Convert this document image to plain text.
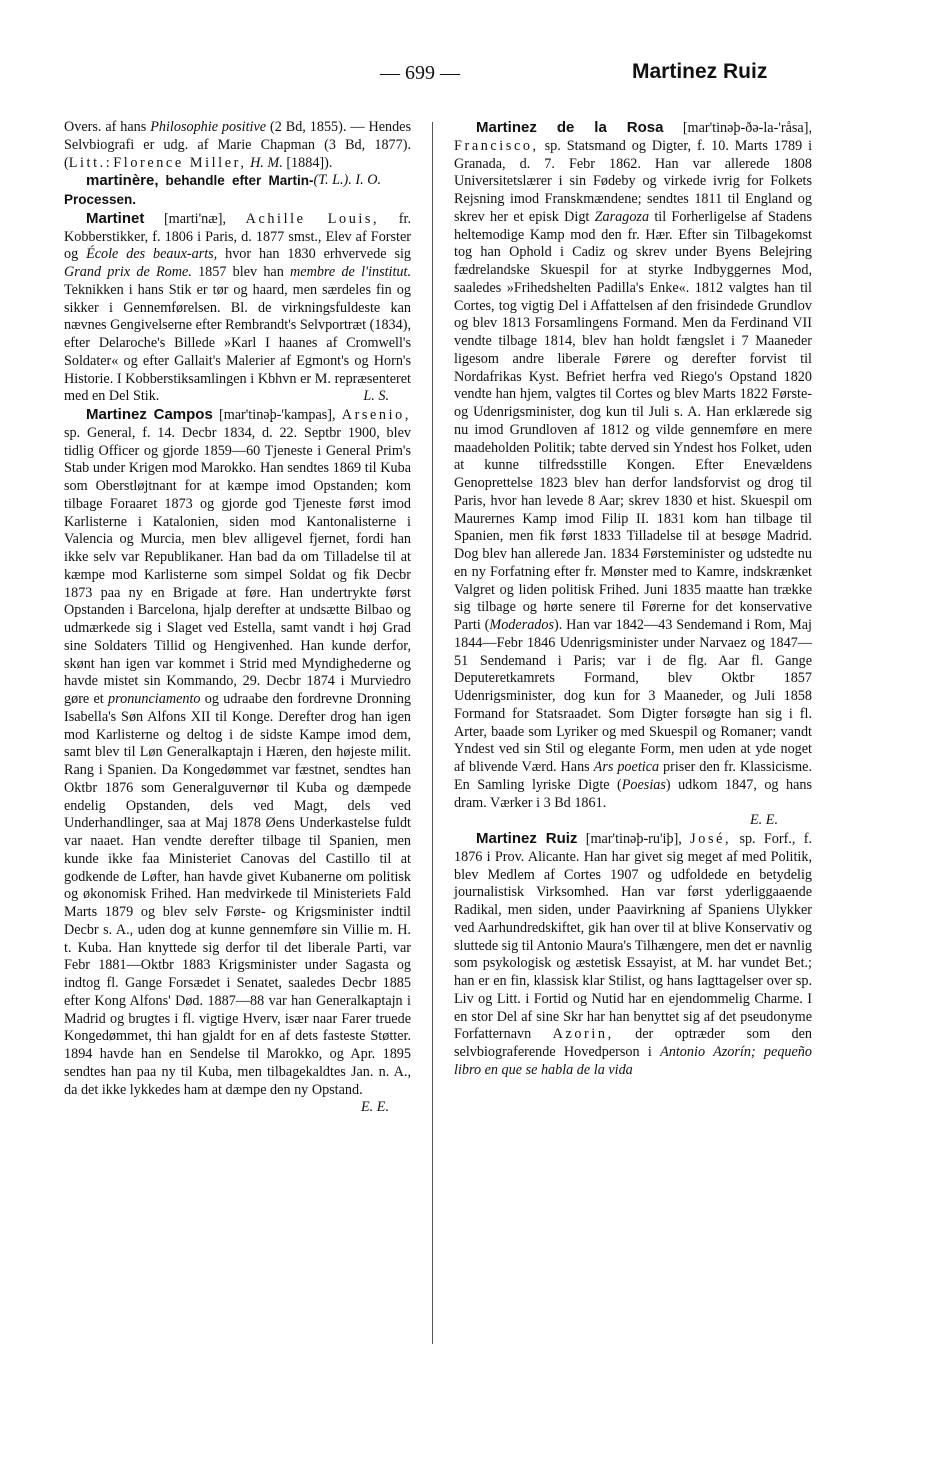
— 699 —	Martinez Ruiz

Overs. af hans Philosophie positive (2 Bd, 1855). — Hendes Selvbiografi er udg. af Marie Chapman (3 Bd, 1877). (Litt.: Florence Miller, H. M. [1884]).
(T. L.). I. O.

martinère, behandle efter Martin-Processen.

Martinet [marti'næ], Achille Louis, fr. Kobberstikker, f. 1806 i Paris, d. 1877 smst., Elev af Forster og École des beaux-arts, hvor han 1830 erhvervede sig Grand prix de Rome. 1857 blev han membre de l'institut. Teknikken i hans Stik er tør og haard, men særdeles fin og sikker i Gennemførelsen. Bl. de virkningsfuldeste kan nævnes Gengivelserne efter Rembrandt's Selvportræt (1834), efter Delaroche's Billede »Karl I haanes af Cromwell's Soldater« og efter Gallait's Malerier af Egmont's og Horn's Historie. I Kobberstiksamlingen i Kbhvn er M. repræsenteret med en Del Stik.	L. S.

Martinez Campos [mar'tinəþ-'kampas], Arsenio, sp. General, f. 14. Decbr 1834, d. 22. Septbr 1900, blev tidlig Officer og gjorde 1859—60 Tjeneste i General Prim's Stab under Krigen mod Marokko. Han sendtes 1869 til Kuba som Oberstløjtnant for at kæmpe imod Opstanden; kom tilbage Foraaret 1873 og gjorde god Tjeneste først imod Karlisterne i Katalonien, siden mod Kantonalisterne i Valencia og Murcia, men blev alligevel fjernet, fordi han ikke selv var Republikaner. Han bad da om Tilladelse til at kæmpe mod Karlisterne som simpel Soldat og fik Decbr 1873 paa ny en Brigade at føre. Han undertrykte først Opstanden i Barcelona, hjalp derefter at undsætte Bilbao og udmærkede sig i Slaget ved Estella, samt vandt i høj Grad sine Soldaters Tillid og Hengivenhed. Han kunde derfor, skønt han igen var kommet i Strid med Myndighederne og havde mistet sin Kommando, 29. Decbr 1874 i Murviedro gøre et pronunciamento og udraabe den fordrevne Dronning Isabella's Søn Alfons XII til Konge. Derefter drog han igen mod Karlisterne og deltog i de sidste Kampe imod dem, samt blev til Løn Generalkaptajn i Hæren, den højeste milit. Rang i Spanien. Da Kongedømmet var fæstnet, sendtes han Oktbr 1876 som Generalguvernør til Kuba og dæmpede endelig Opstanden, dels ved Magt, dels ved Underhandlinger, saa at Maj 1878 Øens Underkastelse fuldt var naaet. Han vendte derefter tilbage til Spanien, men kunde ikke faa Ministeriet Canovas del Castillo til at godkende de Løfter, han havde givet Kubanerne om politisk og økonomisk Frihed. Han medvirkede til Ministeriets Fald Marts 1879 og blev selv Første- og Krigsminister indtil Decbr s. A., uden dog at kunne gennemføre sin Villie m. H. t. Kuba. Han knyttede sig derfor til det liberale Parti, var Febr 1881—Oktbr 1883 Krigsminister under Sagasta og indtog fl. Gange Forsædet i Senatet, saaledes Decbr 1885 efter Kong Alfons' Død. 1887—88 var han Generalkaptajn i Madrid og brugtes i fl. vigtige Hverv, især naar Farer truede Kongedømmet, thi han gjaldt for en af dets fasteste Støtter. 1894 havde han en Sendelse til Marokko, og Apr. 1895 sendtes han paa ny til Kuba, men tilbagekaldtes Jan. n. A., da det ikke lykkedes ham at dæmpe den ny Opstand.
E. E.

Martinez de la Rosa [mar'tinəþ-ðə-la-'råsa], Francisco, sp. Statsmand og Digter, f. 10. Marts 1789 i Granada, d. 7. Febr 1862. Han var allerede 1808 Universitetslærer i sin Fødeby og virkede ivrig for Folkets Rejsning imod Franskmændene; sendtes 1811 til England og skrev her et episk Digt Zaragoza til Forherligelse af Stadens heltemodige Kamp mod den fr. Hær. Efter sin Tilbagekomst tog han Ophold i Cadiz og skrev under Byens Belejring fædrelandske Skuespil for at styrke Indbyggernes Mod, saaledes »Frihedshelten Padilla's Enke«. 1812 valgtes han til Cortes, tog vigtig Del i Affattelsen af den frisindede Grundlov og blev 1813 Forsamlingens Formand. Men da Ferdinand VII vendte tilbage 1814, blev han holdt fængslet i 7 Maaneder ligesom andre liberale Førere og derefter forvist til Nordafrikas Kyst. Befriet herfra ved Riego's Opstand 1820 vendte han hjem, valgtes til Cortes og blev Marts 1822 Første- og Udenrigsminister, dog kun til Juli s. A. Han erklærede sig nu imod Grundloven af 1812 og vilde gennemføre en mere maadeholden Politik; tabte derved sin Yndest hos Folket, uden at kunne tilfredsstille Kongen. Efter Enevældens Genoprettelse 1823 blev han derfor landsforvist og drog til Paris, hvor han levede 8 Aar; skrev 1830 et hist. Skuespil om Maurernes Kamp imod Filip II. 1831 kom han tilbage til Spanien, men fik først 1833 Tilladelse til at besøge Madrid. Dog blev han allerede Jan. 1834 Førsteminister og udstedte nu en ny Forfatning efter fr. Mønster med to Kamre, indskrænket Valgret og liden politisk Frihed. Juni 1835 maatte han trække sig tilbage og hørte senere til Førerne for det konservative Parti (Moderados). Han var 1842—43 Sendemand i Rom, Maj 1844—Febr 1846 Udenrigsminister under Narvaez og 1847—51 Sendemand i Paris; var i de flg. Aar fl. Gange Deputeretkamrets Formand, blev Oktbr 1857 Udenrigsminister, dog kun for 3 Maaneder, og Juli 1858 Formand for Statsraadet. Som Digter forsøgte han sig i fl. Arter, baade som Lyriker og med Skuespil og Romaner; vandt Yndest ved sin Stil og elegante Form, men uden at yde noget af blivende Værd. Hans Ars poetica priser den fr. Klassicisme. En Samling lyriske Digte (Poesias) udkom 1847, og hans dram. Værker i 3 Bd 1861.
E. E.

Martinez Ruiz [mar'tinəþ-ru'iþ], José, sp. Forf., f. 1876 i Prov. Alicante. Han har givet sig meget af med Politik, blev Medlem af Cortes 1907 og udfoldede en betydelig journalistisk Virksomhed. Han var først yderliggaaende Radikal, men siden, under Paavirkning af Spaniens Ulykker ved Aarhundredskiftet, gik han over til at blive Konservativ og sluttede sig til Antonio Maura's Tilhængere, men det er navnlig som psykologisk og æstetisk Essayist, at M. har vundet Bet.; han er en fin, klassisk klar Stilist, og hans Iagttagelser over sp. Liv og Litt. i Fortid og Nutid har en ejendommelig Charme. I en stor Del af sine Skr har han benyttet sig af det pseudonyme Forfatternavn Azorin, der optræder som den selvbiograferende Hovedperson i Antonio Azorín; pequeño libro en que se habla de la vida
